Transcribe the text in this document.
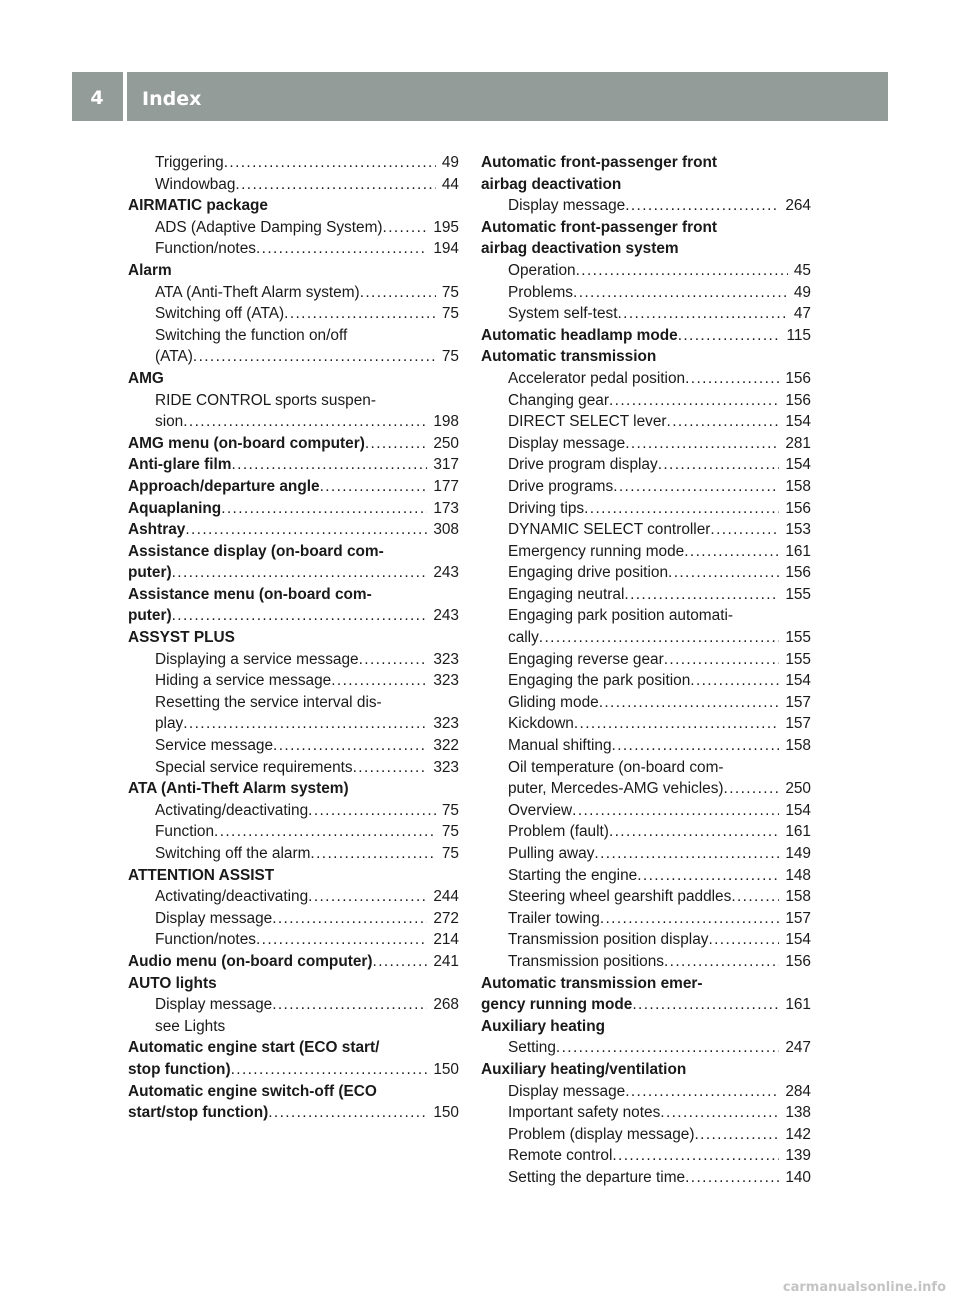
4	Index
Triggering .....	49
Windowbag .....	44
AIRMATIC package
ADS (Adaptive Damping System) .....	195
Function/notes .....	194
Alarm
ATA (Anti-Theft Alarm system) .....	75
Switching off (ATA) .....	75
Switching the function on/off
(ATA) .....	75
AMG
RIDE CONTROL sports suspen-
sion .....	198
AMG menu (on-board computer) .....	250
Anti-glare film .....	317
Approach/departure angle .....	177
Aquaplaning .....	173
Ashtray .....	308
Assistance display (on-board com-
puter) .....	243
Assistance menu (on-board com-
puter) .....	243
ASSYST PLUS
Displaying a service message .....	323
Hiding a service message .....	323
Resetting the service interval dis-
play .....	323
Service message .....	322
Special service requirements .....	323
ATA (Anti-Theft Alarm system)
Activating/deactivating .....	75
Function .....	75
Switching off the alarm .....	75
ATTENTION ASSIST
Activating/deactivating .....	244
Display message .....	272
Function/notes .....	214
Audio menu (on-board computer) .....	241
AUTO lights
Display message .....	268
see Lights
Automatic engine start (ECO start/
stop function) .....	150
Automatic engine switch-off (ECO
start/stop function) .....	150
Automatic front-passenger front
airbag deactivation
Display message .....	264
Automatic front-passenger front
airbag deactivation system
Operation .....	45
Problems .....	49
System self-test .....	47
Automatic headlamp mode .....	115
Automatic transmission
Accelerator pedal position .....	156
Changing gear .....	156
DIRECT SELECT lever .....	154
Display message .....	281
Drive program display .....	154
Drive programs .....	158
Driving tips .....	156
DYNAMIC SELECT controller .....	153
Emergency running mode .....	161
Engaging drive position .....	156
Engaging neutral .....	155
Engaging park position automati-
cally .....	155
Engaging reverse gear .....	155
Engaging the park position .....	154
Gliding mode .....	157
Kickdown .....	157
Manual shifting .....	158
Oil temperature (on-board com-
puter, Mercedes-AMG vehicles) .....	250
Overview .....	154
Problem (fault) .....	161
Pulling away .....	149
Starting the engine .....	148
Steering wheel gearshift paddles .....	158
Trailer towing .....	157
Transmission position display .....	154
Transmission positions .....	156
Automatic transmission emer-
gency running mode .....	161
Auxiliary heating
Setting .....	247
Auxiliary heating/ventilation
Display message .....	284
Important safety notes .....	138
Problem (display message) .....	142
Remote control .....	139
Setting the departure time .....	140
carmanualsonline.info
